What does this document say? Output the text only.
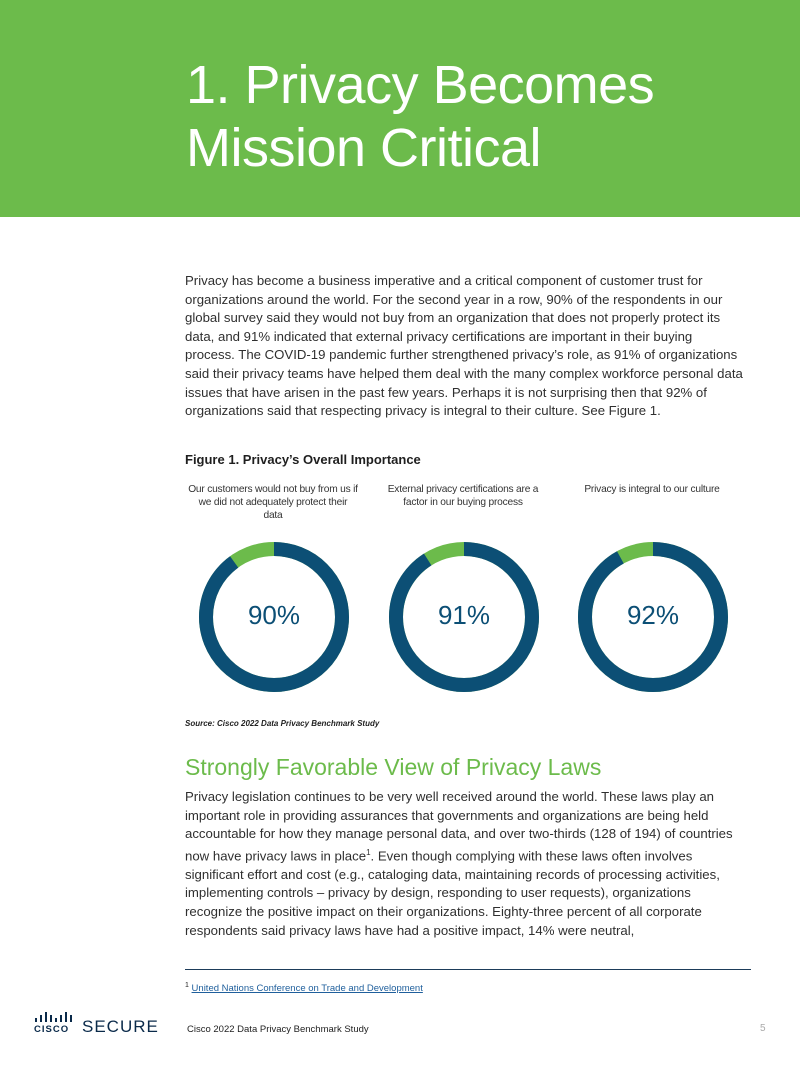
1. Privacy Becomes
Mission Critical

Privacy has become a business imperative and a critical component of customer trust for organizations around the world. For the second year in a row, 90% of the respondents in our global survey said they would not buy from an organization that does not properly protect its data, and 91% indicated that external privacy certifications are important in their buying process. The COVID-19 pandemic further strengthened privacy’s role, as 91% of organizations said their privacy teams have helped them deal with the many complex workforce personal data issues that have arisen in the past few years. Perhaps it is not surprising then that 92% of organizations said that respecting privacy is integral to their culture. See Figure 1.

Figure 1. Privacy’s Overall Importance

Our customers would not buy from us if we did not adequately protect their data
90%
External privacy certifications are a factor in our buying process
91%
Privacy is integral to our culture
92%

Source: Cisco 2022 Data Privacy Benchmark Study

Strongly Favorable View of Privacy Laws

Privacy legislation continues to be very well received around the world. These laws play an important role in providing assurances that governments and organizations are being held accountable for how they manage personal data, and over two-thirds (128 of 194) of countries now have privacy laws in place$^1$. Even though complying with these laws often involves significant effort and cost (e.g., cataloging data, maintaining records of processing activities, implementing controls – privacy by design, responding to user requests), organizations recognize the positive impact on their organizations. Eighty-three percent of all corporate respondents said privacy laws have had a positive impact, 14% were neutral,

$^1$ United Nations Conference on Trade and Development

CISCO SECURE	Cisco 2022 Data Privacy Benchmark Study	5
